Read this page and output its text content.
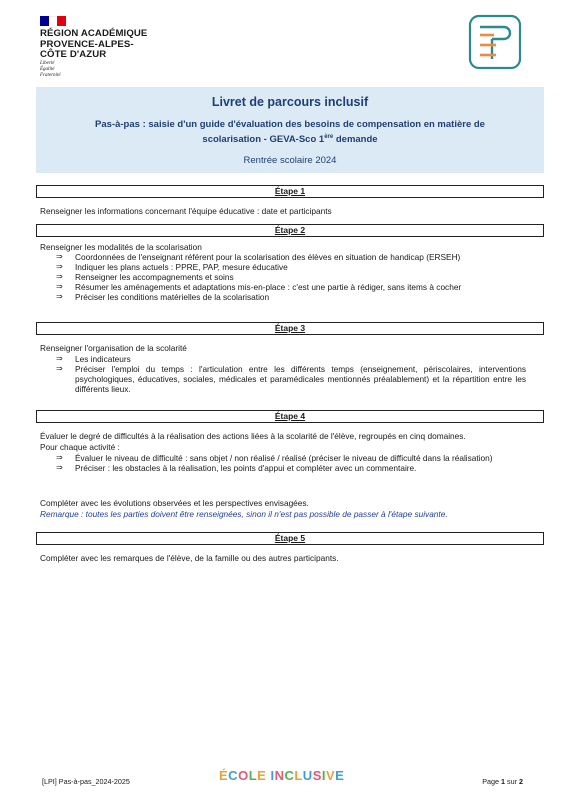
RÉGION ACADÉMIQUE
PROVENCE-ALPES-
CÔTE D'AZUR
Liberté
Égalité
Fraternité
Livret de parcours inclusif
Pas-à-pas : saisie d'un guide d'évaluation des besoins de compensation en matière de
scolarisation - GEVA-Sco 1ère demande
Rentrée scolaire 2024
Étape 1
Renseigner les informations concernant l'équipe éducative : date et participants
Étape 2
Renseigner les modalités de la scolarisation
⇒ Coordonnées de l'enseignant référent pour la scolarisation des élèves en situation de handicap (ERSEH)
⇒ Indiquer les plans actuels : PPRE, PAP, mesure éducative
⇒ Renseigner les accompagnements et soins
⇒ Résumer les aménagements et adaptations mis-en-place : c'est une partie à rédiger, sans items à cocher
⇒ Préciser les conditions matérielles de la scolarisation
Étape 3
Renseigner l'organisation de la scolarité
⇒ Les indicateurs
⇒ Préciser l'emploi du temps : l'articulation entre les différents temps (enseignement, périscolaires, interventions psychologiques, éducatives, sociales, médicales et paramédicales mentionnés préalablement) et la répartition entre les différents lieux.
Étape 4
Évaluer le degré de difficultés à la réalisation des actions liées à la scolarité de l'élève, regroupés en cinq domaines.
Pour chaque activité :
⇒ Évaluer le niveau de difficulté : sans objet / non réalisé / réalisé (préciser le niveau de difficulté dans la réalisation)
⇒ Préciser : les obstacles à la réalisation, les points d'appui et compléter avec un commentaire.
Compléter avec les évolutions observées et les perspectives envisagées.
Remarque : toutes les parties doivent être renseignées, sinon il n'est pas possible de passer à l'étape suivante.
Étape 5
Compléter avec les remarques de l'élève, de la famille ou des autres participants.
[LPI] Pas-à-pas_2024-2025	ÉCOLE INCLUSIVE	Page 1 sur 2
